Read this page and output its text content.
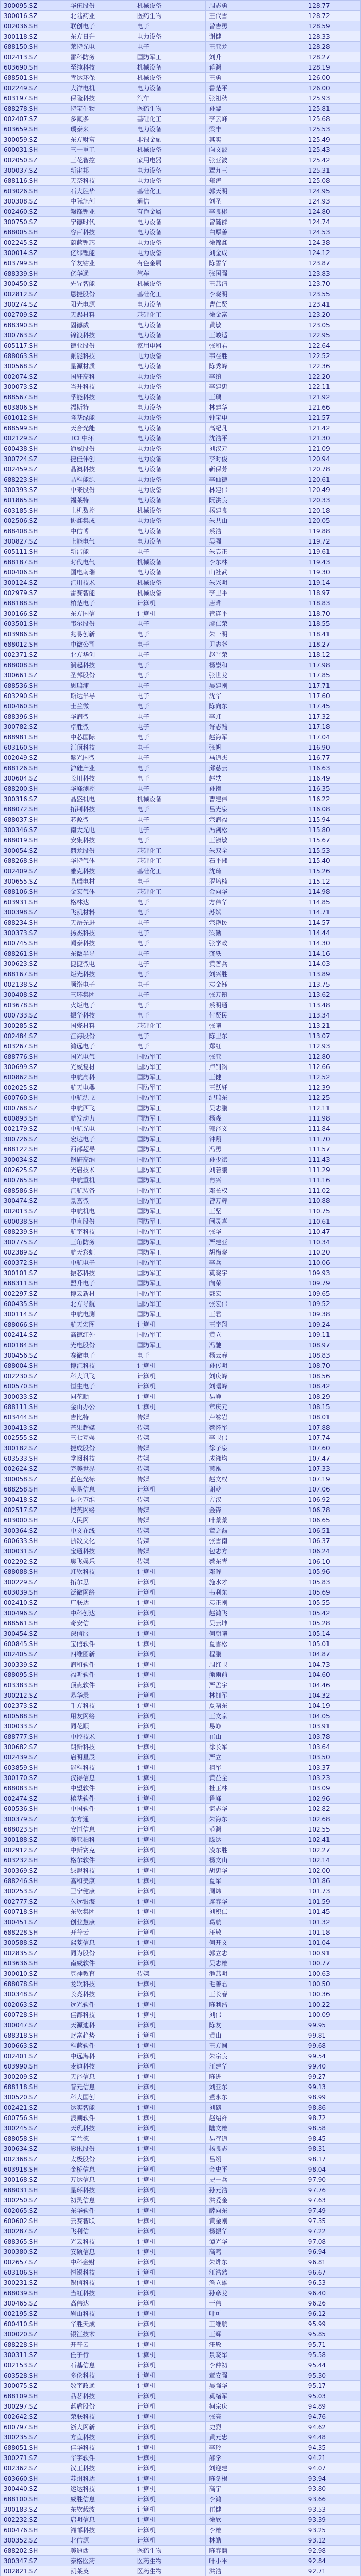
300095.SZ	华伍股份	机械设备	周志勇	128.77
300016.SZ	北陆药业	医药生物	王代雪	128.72
002036.SH	联创电子	电子	曾吉勇	128.59
300118.SZ	东方日升	电力设备	谢健	128.33
688150.SH	莱特光电	电子	王亚龙	128.28
002413.SZ	雷科防务	国防军工	刘升	128.27
603690.SH	至纯科技	机械设备	蒋渊	128.19
688501.SH	青达环保	机械设备	王勇	126.00
002249.SZ	大洋电机	电力设备	鲁楚平	126.00
603197.SH	保隆科技	汽车	张祖秋	125.93
688278.SH	特宝生物	医药生物	孙黎	125.81
002407.SZ	多氟多	基础化工	李云峰	125.68
603659.SH	璞泰来	电力设备	梁丰	125.53
300059.SZ	东方财富	非银金融	其实	125.49
600031.SH	三一重工	机械设备	向文波	125.43
002050.SZ	三花智控	家用电器	张亚波	125.42
300037.SZ	新宙邦	电力设备	覃九三	125.31
688116.SH	天奈科技	电力设备	郑涛	125.08
603026.SH	石大胜华	基础化工	郭天明	124.95
300308.SZ	中际旭创	通信	刘圣	124.93
002460.SZ	赣锋锂业	有色金属	李良彬	124.80
300750.SZ	宁德时代	电力设备	曾毓群	124.74
688005.SH	容百科技	电力设备	白厚善	124.53
002245.SZ	蔚蓝锂芯	电力设备	徐锦鑫	124.38
300014.SZ	亿纬锂能	电力设备	刘金成	124.12
603799.SH	华友钴业	有色金属	陈雪华	123.87
688339.SH	亿华通	汽车	张国强	123.83
300450.SZ	先导智能	机械设备	王燕清	123.70
002812.SZ	恩捷股份	基础化工	李晓明	123.55
300274.SZ	阳光电源	电力设备	曹仁贤	123.41
002709.SZ	天赐材料	基础化工	徐金富	123.20
688390.SH	固德威	电力设备	黄敏	123.05
300763.SZ	锦浪科技	电力设备	王峻适	122.95
605117.SH	德业股份	家用电器	张和君	122.64
688063.SH	派能科技	电力设备	韦在胜	122.52
300568.SZ	星源材质	电力设备	陈秀峰	122.36
002074.SZ	国轩高科	电力设备	李缜	122.20
300073.SZ	当升科技	电力设备	李建忠	122.11
688567.SH	孚能科技	电力设备	王瑀	121.92
603806.SH	福斯特	电力设备	林建华	121.66
601012.SH	隆基绿能	电力设备	钟宝申	121.57
688599.SH	天合光能	电力设备	高纪凡	121.42
002129.SZ	TCL中环	电力设备	沈浩平	121.30
600438.SH	通威股份	电力设备	刘汉元	121.09
300724.SZ	捷佳伟创	电力设备	李时俊	120.94
002459.SZ	晶澳科技	电力设备	靳保芳	120.78
688223.SH	晶科能源	电力设备	李仙德	120.61
300393.SZ	中来股份	电力设备	林建伟	120.49
601865.SH	福莱特	电力设备	阮洪良	120.33
603185.SH	上机数控	机械设备	杨建良	120.18
002506.SZ	协鑫集成	电力设备	朱共山	120.05
688408.SH	中信博	电力设备	蔡浩	119.88
300827.SZ	上能电气	电力设备	吴强	119.72
605111.SH	新洁能	电子	朱袁正	119.61
688187.SH	时代电气	机械设备	李东林	119.43
600406.SH	国电南瑞	电力设备	山社武	119.30
300124.SZ	汇川技术	机械设备	朱兴明	119.14
002979.SZ	雷赛智能	机械设备	李卫平	118.97
688188.SH	柏楚电子	计算机	唐晔	118.83
300166.SZ	东方国信	计算机	管连平	118.70
603501.SH	韦尔股份	电子	虞仁荣	118.55
603986.SH	兆易创新	电子	朱一明	118.41
688012.SH	中微公司	电子	尹志尧	118.27
002371.SZ	北方华创	电子	赵晋荣	118.12
688008.SH	澜起科技	电子	杨崇和	117.98
300661.SZ	圣邦股份	电子	张世龙	117.85
688536.SH	思瑞浦	电子	吴建刚	117.71
603290.SH	斯达半导	电子	沈华	117.60
600460.SH	士兰微	电子	陈向东	117.45
688396.SH	华润微	电子	李虹	117.32
300782.SZ	卓胜微	电子	许志翰	117.18
688981.SH	中芯国际	电子	赵海军	117.04
603160.SH	汇顶科技	电子	张帆	116.90
002049.SZ	紫光国微	电子	马道杰	116.77
688126.SH	沪硅产业	电子	邱慈云	116.63
300604.SZ	长川科技	电子	赵轶	116.49
688200.SH	华峰测控	电子	孙镪	116.35
300316.SZ	晶盛机电	机械设备	曹建伟	116.22
688072.SH	拓荆科技	电子	吕光泉	116.08
688037.SH	芯源微	电子	宗润福	115.94
300346.SZ	南大光电	电子	冯剑松	115.80
688019.SH	安集科技	电子	王淑敏	115.67
300054.SZ	鼎龙股份	基础化工	朱双全	115.53
688268.SH	华特气体	基础化工	石平湘	115.40
002409.SZ	雅克科技	基础化工	沈琦	115.26
300655.SZ	晶瑞电材	电子	罗培楠	115.12
688106.SH	金宏气体	基础化工	金向华	114.98
603931.SH	格林达	电子	方伟华	114.85
300398.SZ	飞凯材料	电子	苏斌	114.71
688234.SH	天岳先进	电子	宗艳民	114.57
300373.SZ	扬杰科技	电子	梁勤	114.44
600745.SH	闻泰科技	电子	张学政	114.30
688261.SH	东微半导	电子	龚轶	114.16
300623.SZ	捷捷微电	电子	黄善兵	114.03
688167.SH	炬光科技	电子	刘兴胜	113.89
002138.SZ	顺络电子	电子	袁金钰	113.75
300408.SZ	三环集团	电子	张万镇	113.62
603678.SH	火炬电子	电子	蔡明通	113.48
000733.SZ	振华科技	电子	付贤民	113.34
300285.SZ	国瓷材料	基础化工	张曦	113.21
002484.SZ	江海股份	电子	陈卫东	113.07
603267.SH	鸿远电子	电子	郑红	112.93
688776.SH	国光电气	国防军工	张亚	112.80
300699.SZ	光威复材	国防军工	卢钊钧	112.66
600862.SH	中航高科	国防军工	王健	112.52
002025.SZ	航天电器	国防军工	王跃轩	112.39
600760.SH	中航沈飞	国防军工	纪瑞东	112.25
000768.SZ	中航西飞	国防军工	吴志鹏	112.11
600893.SH	航发动力	国防军工	杨森	111.98
002179.SZ	中航光电	国防军工	郭泽义	111.84
300726.SZ	宏达电子	国防军工	钟翔	111.70
688122.SH	西部超导	国防军工	冯勇	111.57
300034.SZ	钢研高纳	国防军工	孙少斌	111.43
002625.SZ	光启技术	国防军工	刘若鹏	111.29
600765.SH	中航重机	国防军工	冉兴	111.16
688586.SH	江航装备	国防军工	邓长权	111.02
300474.SZ	景嘉微	国防军工	曾万辉	110.88
002013.SZ	中航机电	国防军工	王坚	110.75
600038.SH	中直股份	国防军工	闫灵喜	110.61
688239.SH	航宇科技	国防军工	张华	110.47
300775.SZ	三角防务	国防军工	严建亚	110.34
002389.SZ	航天彩虹	国防军工	胡梅晓	110.20
600372.SH	中航电子	国防军工	李兵	110.06
300101.SZ	振芯科技	国防军工	莫晓宇	109.93
688311.SH	盟升电子	国防军工	向荣	109.79
002297.SZ	博云新材	国防军工	戴宏	109.65
600435.SH	北方导航	国防军工	张宏伟	109.52
300114.SZ	中航电测	国防军工	王君	109.38
688066.SH	航天宏图	计算机	王宇翔	109.24
002414.SZ	高德红外	国防军工	黄立	109.11
600184.SH	光电股份	国防军工	冯驰	108.97
300456.SZ	赛微电子	电子	杨云春	108.83
688004.SH	博汇科技	计算机	孙传明	108.70
002230.SZ	科大讯飞	计算机	刘庆峰	108.56
600570.SH	恒生电子	计算机	刘曙峰	108.42
300033.SZ	同花顺	计算机	易峥	108.29
688111.SH	金山办公	计算机	章庆元	108.15
603444.SH	吉比特	传媒	卢竑岩	108.01
300413.SZ	芒果超媒	传媒	蔡怀军	107.88
002555.SZ	三七互娱	传媒	李卫伟	107.74
300182.SZ	捷成股份	传媒	徐子泉	107.60
603533.SH	掌阅科技	传媒	成湘均	107.47
002624.SZ	完美世界	传媒	萧泓	107.33
300058.SZ	蓝色光标	传媒	赵文权	107.19
688258.SH	卓易信息	计算机	谢乾	107.06
300418.SZ	昆仑万维	传媒	方汉	106.92
002517.SZ	恺英网络	传媒	金锋	106.78
603000.SH	人民网	传媒	叶蓁蓁	106.65
300364.SZ	中文在线	传媒	童之磊	106.51
600633.SH	浙数文化	传媒	张雪南	106.37
300031.SZ	宝通科技	传媒	包志方	106.24
002292.SZ	奥飞娱乐	传媒	蔡东青	106.10
688088.SH	虹软科技	计算机	邓晖	105.96
300229.SZ	拓尔思	计算机	施水才	105.83
603039.SH	泛微网络	计算机	韦利东	105.69
002410.SZ	广联达	计算机	袁正刚	105.55
300496.SZ	中科创达	计算机	赵鸿飞	105.42
688561.SH	奇安信	计算机	吴云坤	105.28
300454.SZ	深信服	计算机	何朝曦	105.14
600845.SH	宝信软件	计算机	夏雪松	105.01
002405.SZ	四维图新	计算机	程鹏	104.87
300339.SZ	润和软件	计算机	周红卫	104.73
688095.SH	福昕软件	计算机	熊雨前	104.60
603383.SH	顶点软件	计算机	严孟宇	104.46
300212.SZ	易华录	计算机	林拥军	104.32
002373.SZ	千方科技	计算机	夏曙东	104.19
600588.SH	用友网络	计算机	王文京	104.05
300033.SZ	同花顺	计算机	易峥	103.91
688777.SH	中控技术	计算机	崔山	103.78
300682.SZ	朗新科技	计算机	徐长军	103.64
002439.SZ	启明星辰	计算机	严立	103.50
603859.SH	能科科技	计算机	祖军	103.37
300170.SZ	汉得信息	计算机	黄益全	103.23
688083.SH	中望软件	计算机	杜玉林	103.09
002474.SZ	榕基软件	计算机	鲁峰	102.96
600536.SH	中国软件	计算机	谌志华	102.82
300379.SZ	东方通	计算机	朱海东	102.68
688023.SH	安恒信息	计算机	范渊	102.55
300188.SZ	美亚柏科	计算机	滕达	102.41
002912.SZ	中新赛克	计算机	凌东胜	102.27
603232.SH	格尔软件	计算机	杨文山	102.14
300369.SZ	绿盟科技	计算机	胡忠华	102.00
688246.SH	嘉和美康	计算机	夏军	101.86
300253.SZ	卫宁健康	计算机	周炜	101.73
002777.SZ	久远银海	计算机	连春华	101.59
600718.SH	东软集团	计算机	刘积仁	101.45
300451.SZ	创业慧康	计算机	葛航	101.32
688228.SH	开普云	计算机	汪敏	101.18
300588.SZ	熙菱信息	计算机	何开文	101.04
002835.SZ	同为股份	计算机	郭立志	100.91
603636.SH	南威软件	计算机	吴志雄	100.77
300010.SZ	豆神教育	传媒	池燕明	100.63
688078.SH	龙软科技	计算机	毛善君	100.50
300348.SZ	长亮科技	计算机	王长春	100.36
002063.SZ	远光软件	计算机	陈利浩	100.22
600728.SH	佳都科技	计算机	刘伟	100.09
300047.SZ	天源迪科	计算机	陈友	99.95
688318.SH	财富趋势	计算机	黄山	99.81
300663.SZ	科蓝软件	计算机	王方圆	99.68
002401.SZ	中远海科	计算机	朱宗良	99.54
603990.SH	麦迪科技	计算机	汪建华	99.40
300209.SZ	天泽信息	计算机	陈进	99.27
688118.SH	普元信息	计算机	刘亚东	99.13
300520.SZ	科大国创	计算机	董永东	98.99
002421.SZ	达实智能	计算机	刘磅	98.86
600756.SH	浪潮软件	计算机	赵绍祥	98.72
300245.SZ	天玑科技	计算机	陆文雄	98.58
688058.SH	宝兰德	计算机	易存道	98.45
300634.SZ	彩讯股份	计算机	杨良志	98.31
002368.SZ	太极股份	计算机	吕翊	98.17
603918.SH	金桥信息	计算机	金史平	98.04
300168.SZ	万达信息	计算机	史一兵	97.90
688031.SH	星环科技	计算机	孙元浩	97.76
300250.SZ	初灵信息	计算机	洪爱金	97.63
002065.SZ	东华软件	计算机	薛向东	97.49
600602.SH	云赛智联	计算机	黄金刚	97.35
300287.SZ	飞利信	计算机	杨振华	97.22
688365.SH	光云科技	计算机	谭光华	97.08
300380.SZ	安硕信息	计算机	高鸣	96.94
002657.SZ	中科金财	计算机	朱烨东	96.81
603106.SH	恒银科技	计算机	江浩然	96.67
300231.SZ	银信科技	计算机	詹立雄	96.53
688039.SH	当虹科技	计算机	孙彦龙	96.40
300465.SZ	高伟达	计算机	于伟	96.26
002195.SZ	岩山科技	计算机	叶可	96.12
600410.SH	华胜天成	计算机	王维航	95.99
300020.SZ	银江技术	计算机	王辉	95.85
688228.SH	开普云	计算机	汪敏	95.71
300311.SZ	任子行	计算机	景晓军	95.58
002153.SZ	石基信息	计算机	李仲初	95.44
603528.SH	多伦科技	计算机	章安强	95.30
300075.SZ	数字政通	计算机	吴强华	95.17
688109.SH	品茗科技	计算机	莫绪军	95.03
300297.SZ	蓝盾股份	计算机	柯宗庆	94.89
002642.SZ	荣联科技	计算机	张亮	94.76
600797.SH	浙大网新	计算机	史烈	94.62
300235.SZ	方直科技	计算机	黄元忠	94.48
688051.SH	佳华科技	计算机	李玲	94.35
300271.SZ	华宇软件	计算机	邵学	94.21
002362.SZ	汉王科技	计算机	刘迎建	94.07
603660.SH	苏州科达	计算机	陈冬根	93.94
300440.SZ	运达科技	计算机	高宁	93.80
688100.SH	威胜信息	计算机	李鸿	93.66
300183.SZ	东软载波	计算机	崔健	93.53
002232.SZ	启明信息	计算机	徐欣	93.39
600476.SH	湘邮科技	计算机	李雄	93.25
300352.SZ	北信源	计算机	林皓	93.12
688202.SH	美迪西	医药生物	陈春麟	92.98
300347.SZ	泰格医药	医药生物	叶小平	92.84
002821.SZ	凯莱英	医药生物	洪浩	92.71
